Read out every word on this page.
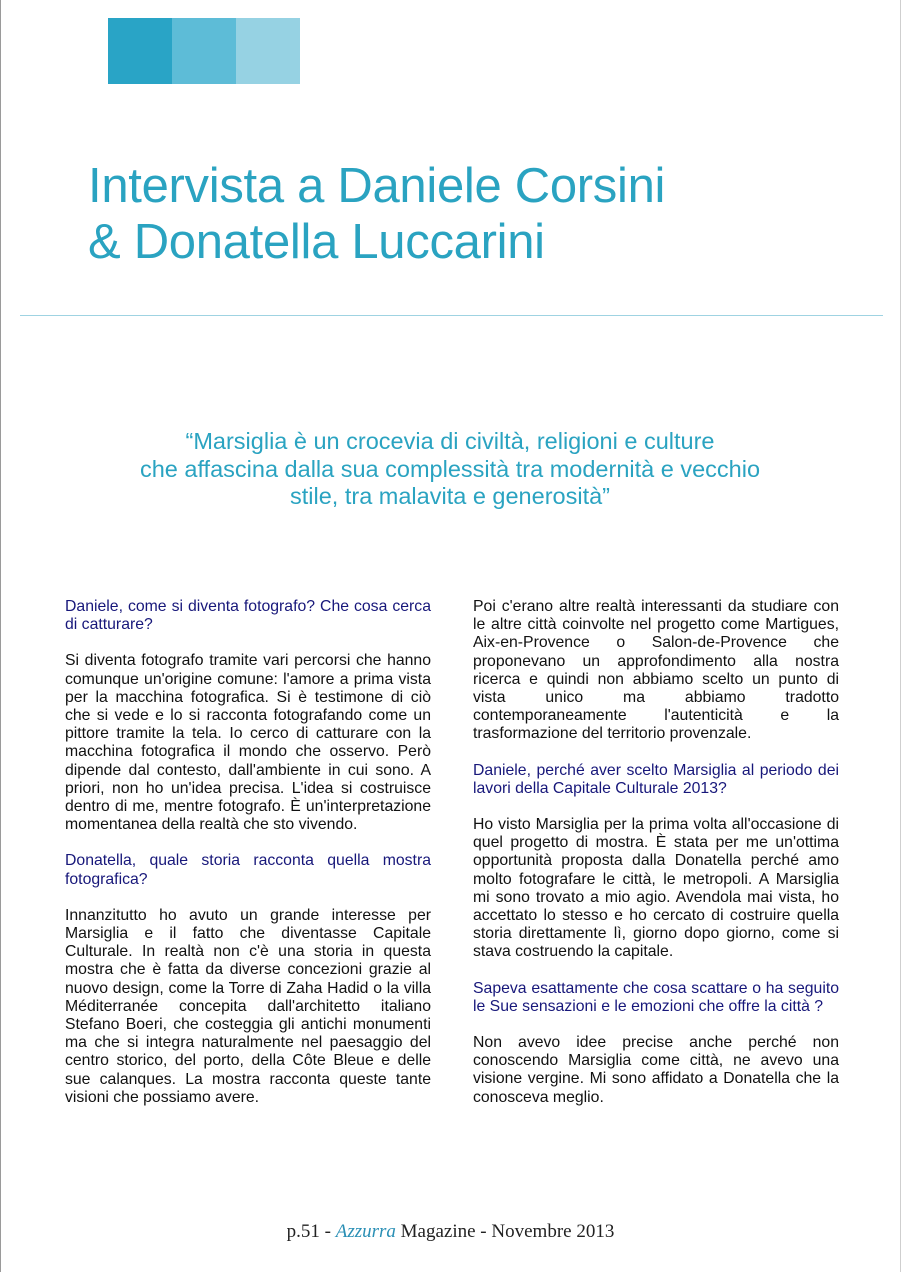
Intervista a Daniele Corsini
& Donatella Luccarini

“Marsiglia è un crocevia di civiltà, religioni e culture
che affascina dalla sua complessità tra modernità e vecchio
stile, tra malavita e generosità”

Daniele, come si diventa fotografo? Che cosa cerca di catturare?

Si diventa fotografo tramite vari percorsi che hanno comunque un'origine comune: l'amore a prima vista per la macchina fotografica. Si è testimone di ciò che si vede e lo si racconta fotografando come un pittore tramite la tela. Io cerco di catturare con la macchina fotografica il mondo che osservo. Però dipende dal contesto, dall'ambiente in cui sono. A priori, non ho un'idea precisa. L'idea si costruisce dentro di me, mentre fotografo. È un'interpretazione momentanea della realtà che sto vivendo.

Donatella, quale storia racconta quella mostra fotografica?

Innanzitutto ho avuto un grande interesse per Marsiglia e il fatto che diventasse Capitale Culturale. In realtà non c'è una storia in questa mostra che è fatta da diverse concezioni grazie al nuovo design, come la Torre di Zaha Hadid o la villa Méditerranée concepita dall'architetto italiano Stefano Boeri, che costeggia gli antichi monumenti ma che si integra naturalmente nel paesaggio del centro storico, del porto, della Côte Bleue e delle sue calanques. La mostra racconta queste tante visioni che possiamo avere.

Poi c'erano altre realtà interessanti da studiare con le altre città coinvolte nel progetto come Martigues, Aix-en-Provence o Salon-de-Provence che proponevano un approfondimento alla nostra ricerca e quindi non abbiamo scelto un punto di vista unico ma abbiamo tradotto contemporaneamente l'autenticità e la trasformazione del territorio provenzale.

Daniele, perché aver scelto Marsiglia al periodo dei lavori della Capitale Culturale 2013?

Ho visto Marsiglia per la prima volta all'occasione di quel progetto di mostra. È stata per me un'ottima opportunità proposta dalla Donatella perché amo molto fotografare le città, le metropoli. A Marsiglia mi sono trovato a mio agio. Avendola mai vista, ho accettato lo stesso e ho cercato di costruire quella storia direttamente lì, giorno dopo giorno, come si stava costruendo la capitale.

Sapeva esattamente che cosa scattare o ha seguito le Sue sensazioni e le emozioni che offre la città ?

Non avevo idee precise anche perché non conoscendo Marsiglia come città, ne avevo una visione vergine. Mi sono affidato a Donatella che la conosceva meglio.

p.51 - Azzurra Magazine - Novembre 2013
